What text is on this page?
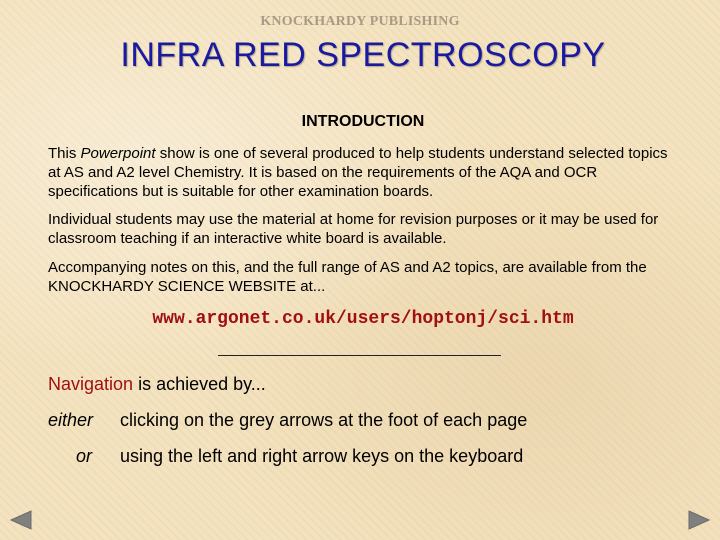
KNOCKHARDY PUBLISHING
INFRA RED SPECTROSCOPY
INTRODUCTION

This Powerpoint show is one of several produced to help students understand selected topics at AS and A2 level Chemistry. It is based on the requirements of the AQA and OCR specifications but is suitable for other examination boards.

Individual students may use the material at home for revision purposes or it may be used for classroom teaching if an interactive white board is available.

Accompanying notes on this, and the full range of AS and A2 topics, are available from the KNOCKHARDY SCIENCE WEBSITE at...

www.argonet.co.uk/users/hoptonj/sci.htm
Navigation is achieved by...
either clicking on the grey arrows at the foot of each page
or using the left and right arrow keys on the keyboard
